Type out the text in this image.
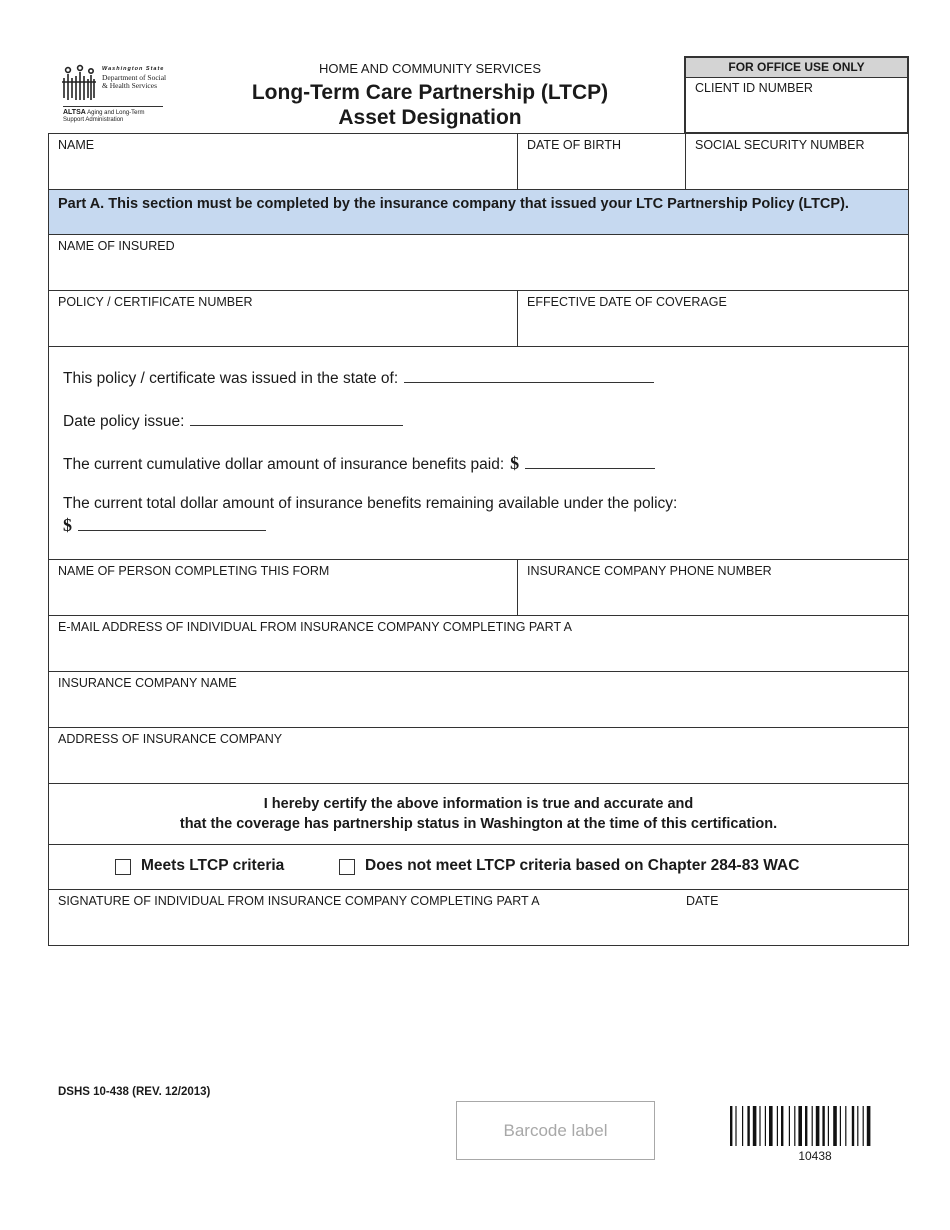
Washington State
Department of Social
& Health Services
ALTSA Aging and Long-Term
Support Administration
HOME AND COMMUNITY SERVICES
Long-Term Care Partnership (LTCP)
Asset Designation
FOR OFFICE USE ONLY
CLIENT ID NUMBER
NAME	DATE OF BIRTH	SOCIAL SECURITY NUMBER
Part A. This section must be completed by the insurance company that issued your LTC Partnership Policy (LTCP).
NAME OF INSURED
POLICY / CERTIFICATE NUMBER	EFFECTIVE DATE OF COVERAGE
This policy / certificate was issued in the state of:
Date policy issue:
The current cumulative dollar amount of insurance benefits paid: $
The current total dollar amount of insurance benefits remaining available under the policy:
$
NAME OF PERSON COMPLETING THIS FORM	INSURANCE COMPANY PHONE NUMBER
E-MAIL ADDRESS OF INDIVIDUAL FROM INSURANCE COMPANY COMPLETING PART A
INSURANCE COMPANY NAME
ADDRESS OF INSURANCE COMPANY
I hereby certify the above information is true and accurate and
that the coverage has partnership status in Washington at the time of this certification.
Meets LTCP criteria	Does not meet LTCP criteria based on Chapter 284-83 WAC
SIGNATURE OF INDIVIDUAL FROM INSURANCE COMPANY COMPLETING PART A	DATE
DSHS 10-438 (REV. 12/2013)
Barcode label
10438
